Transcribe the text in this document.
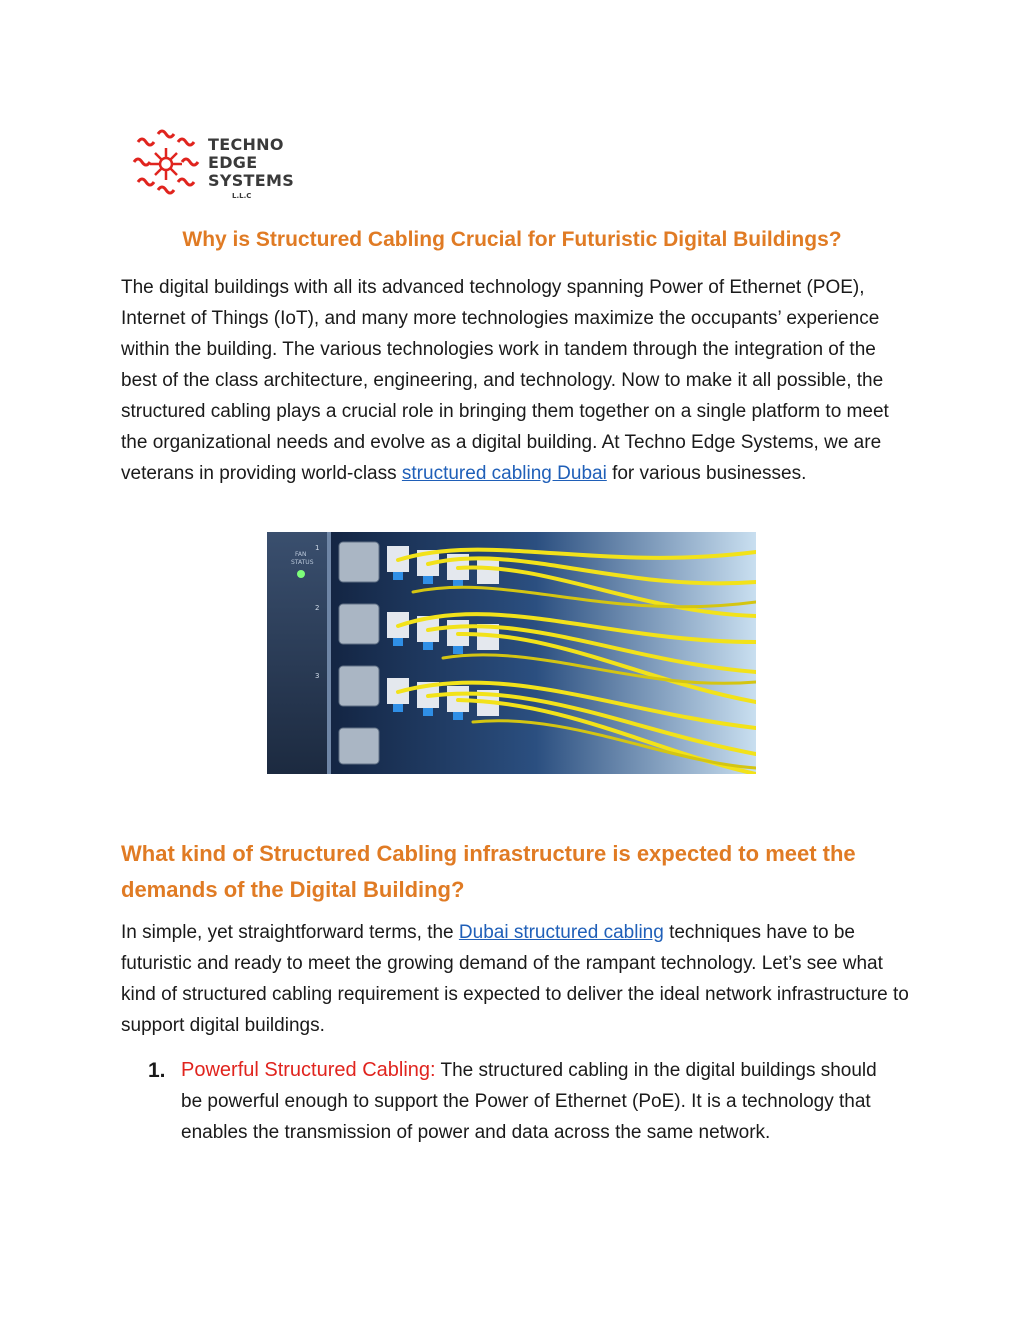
TECHNO
EDGE
SYSTEMS
L.L.C
Why is Structured Cabling Crucial for Futuristic Digital Buildings?

The digital buildings with all its advanced technology spanning Power of Ethernet (POE), Internet of Things (IoT), and many more technologies maximize the occupants’ experience within the building. The various technologies work in tandem through the integration of the best of the class architecture, engineering, and technology. Now to make it all possible, the structured cabling plays a crucial role in bringing them together on a single platform to meet the organizational needs and evolve as a digital building. At Techno Edge Systems, we are veterans in providing world-class structured cabling Dubai for various businesses.

FAN
STATUS
1
2
3
What kind of Structured Cabling infrastructure is expected to meet the demands of the Digital Building?

In simple, yet straightforward terms, the Dubai structured cabling techniques have to be futuristic and ready to meet the growing demand of the rampant technology. Let’s see what kind of structured cabling requirement is expected to deliver the ideal network infrastructure to support digital buildings.

1. Powerful Structured Cabling: The structured cabling in the digital buildings should be powerful enough to support the Power of Ethernet (PoE). It is a technology that enables the transmission of power and data across the same network.
